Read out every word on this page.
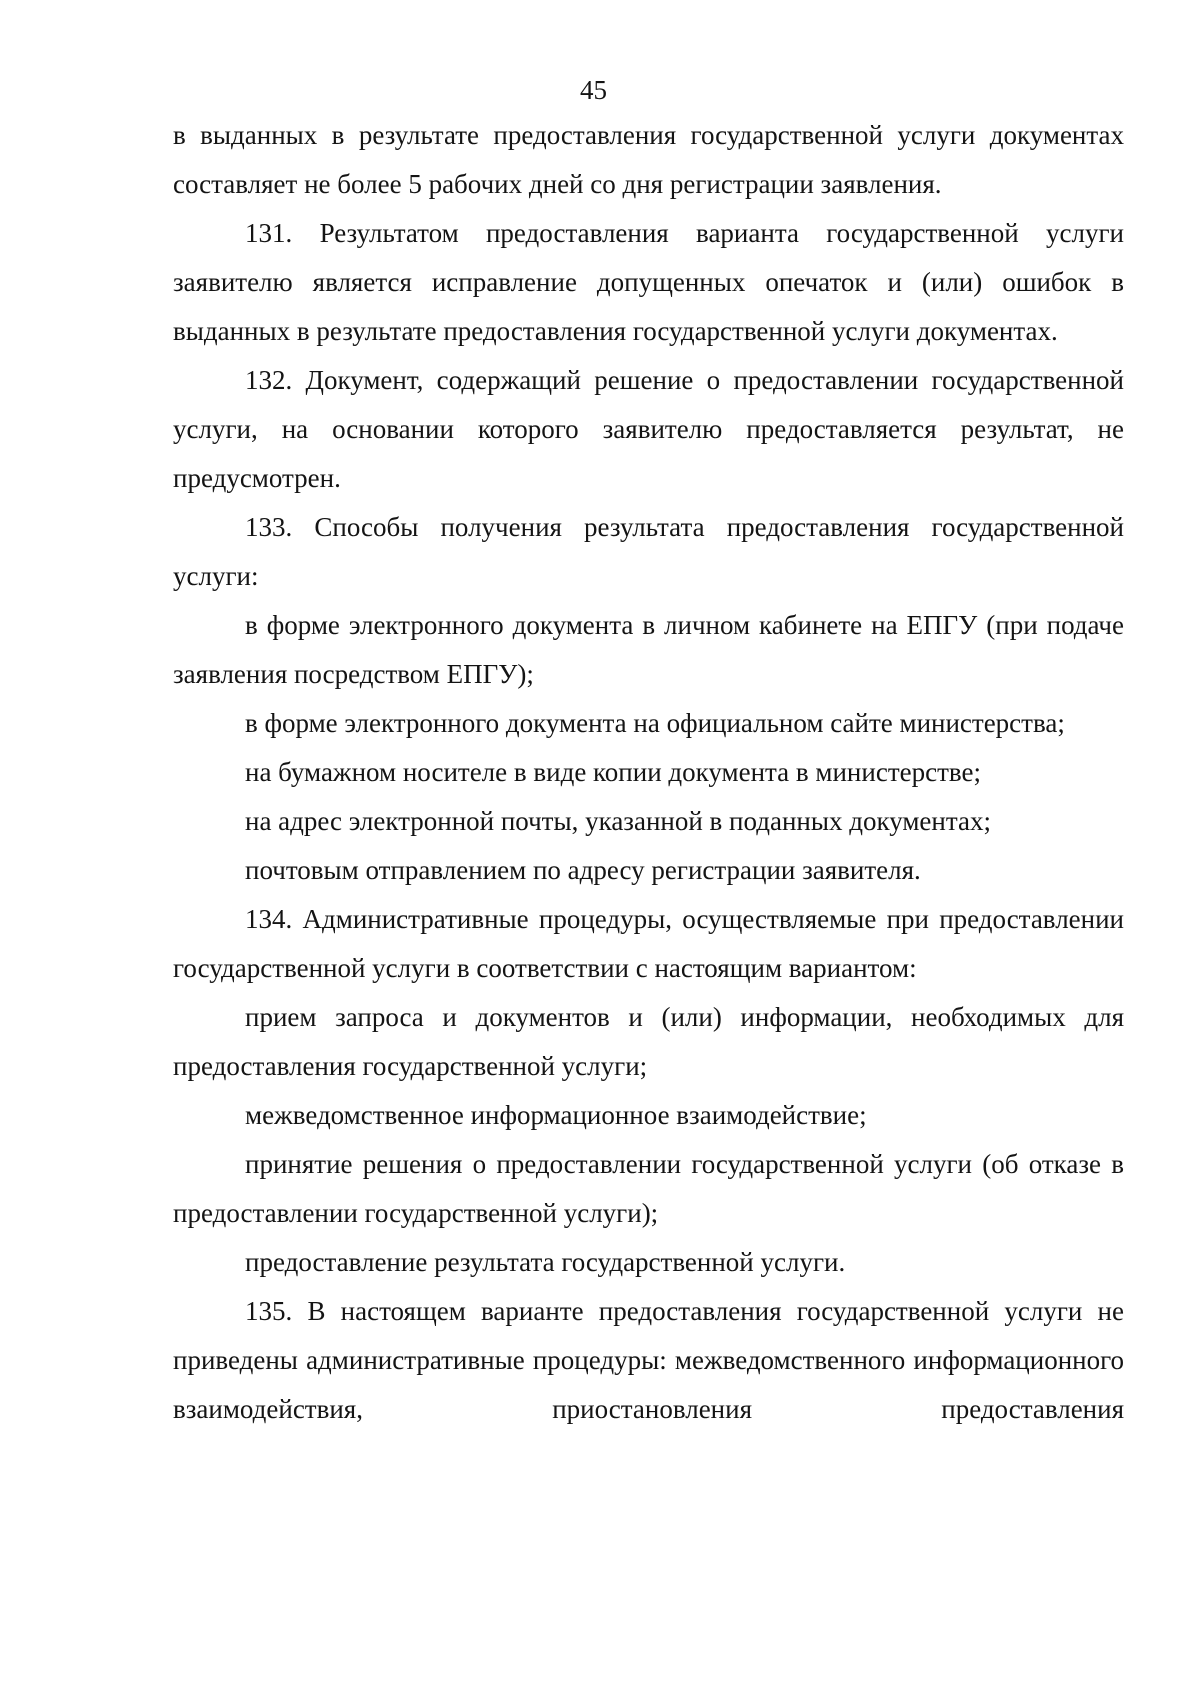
45

в выданных в результате предоставления государственной услуги документах составляет не более 5 рабочих дней со дня регистрации заявления.

131. Результатом предоставления варианта государственной услуги заявителю является исправление допущенных опечаток и (или) ошибок в выданных в результате предоставления государственной услуги документах.

132. Документ, содержащий решение о предоставлении государственной услуги, на основании которого заявителю предоставляется результат, не предусмотрен.

133. Способы получения результата предоставления государственной услуги:

в форме электронного документа в личном кабинете на ЕПГУ (при подаче заявления посредством ЕПГУ);

в форме электронного документа на официальном сайте министерства;

на бумажном носителе в виде копии документа в министерстве;

на адрес электронной почты, указанной в поданных документах;

почтовым отправлением по адресу регистрации заявителя.

134. Административные процедуры, осуществляемые при предоставлении государственной услуги в соответствии с настоящим вариантом:

прием запроса и документов и (или) информации, необходимых для предоставления государственной услуги;

межведомственное информационное взаимодействие;

принятие решения о предоставлении государственной услуги (об отказе в предоставлении государственной услуги);

предоставление результата государственной услуги.

135. В настоящем варианте предоставления государственной услуги не приведены административные процедуры: межведомственного информационного взаимодействия, приостановления предоставления
